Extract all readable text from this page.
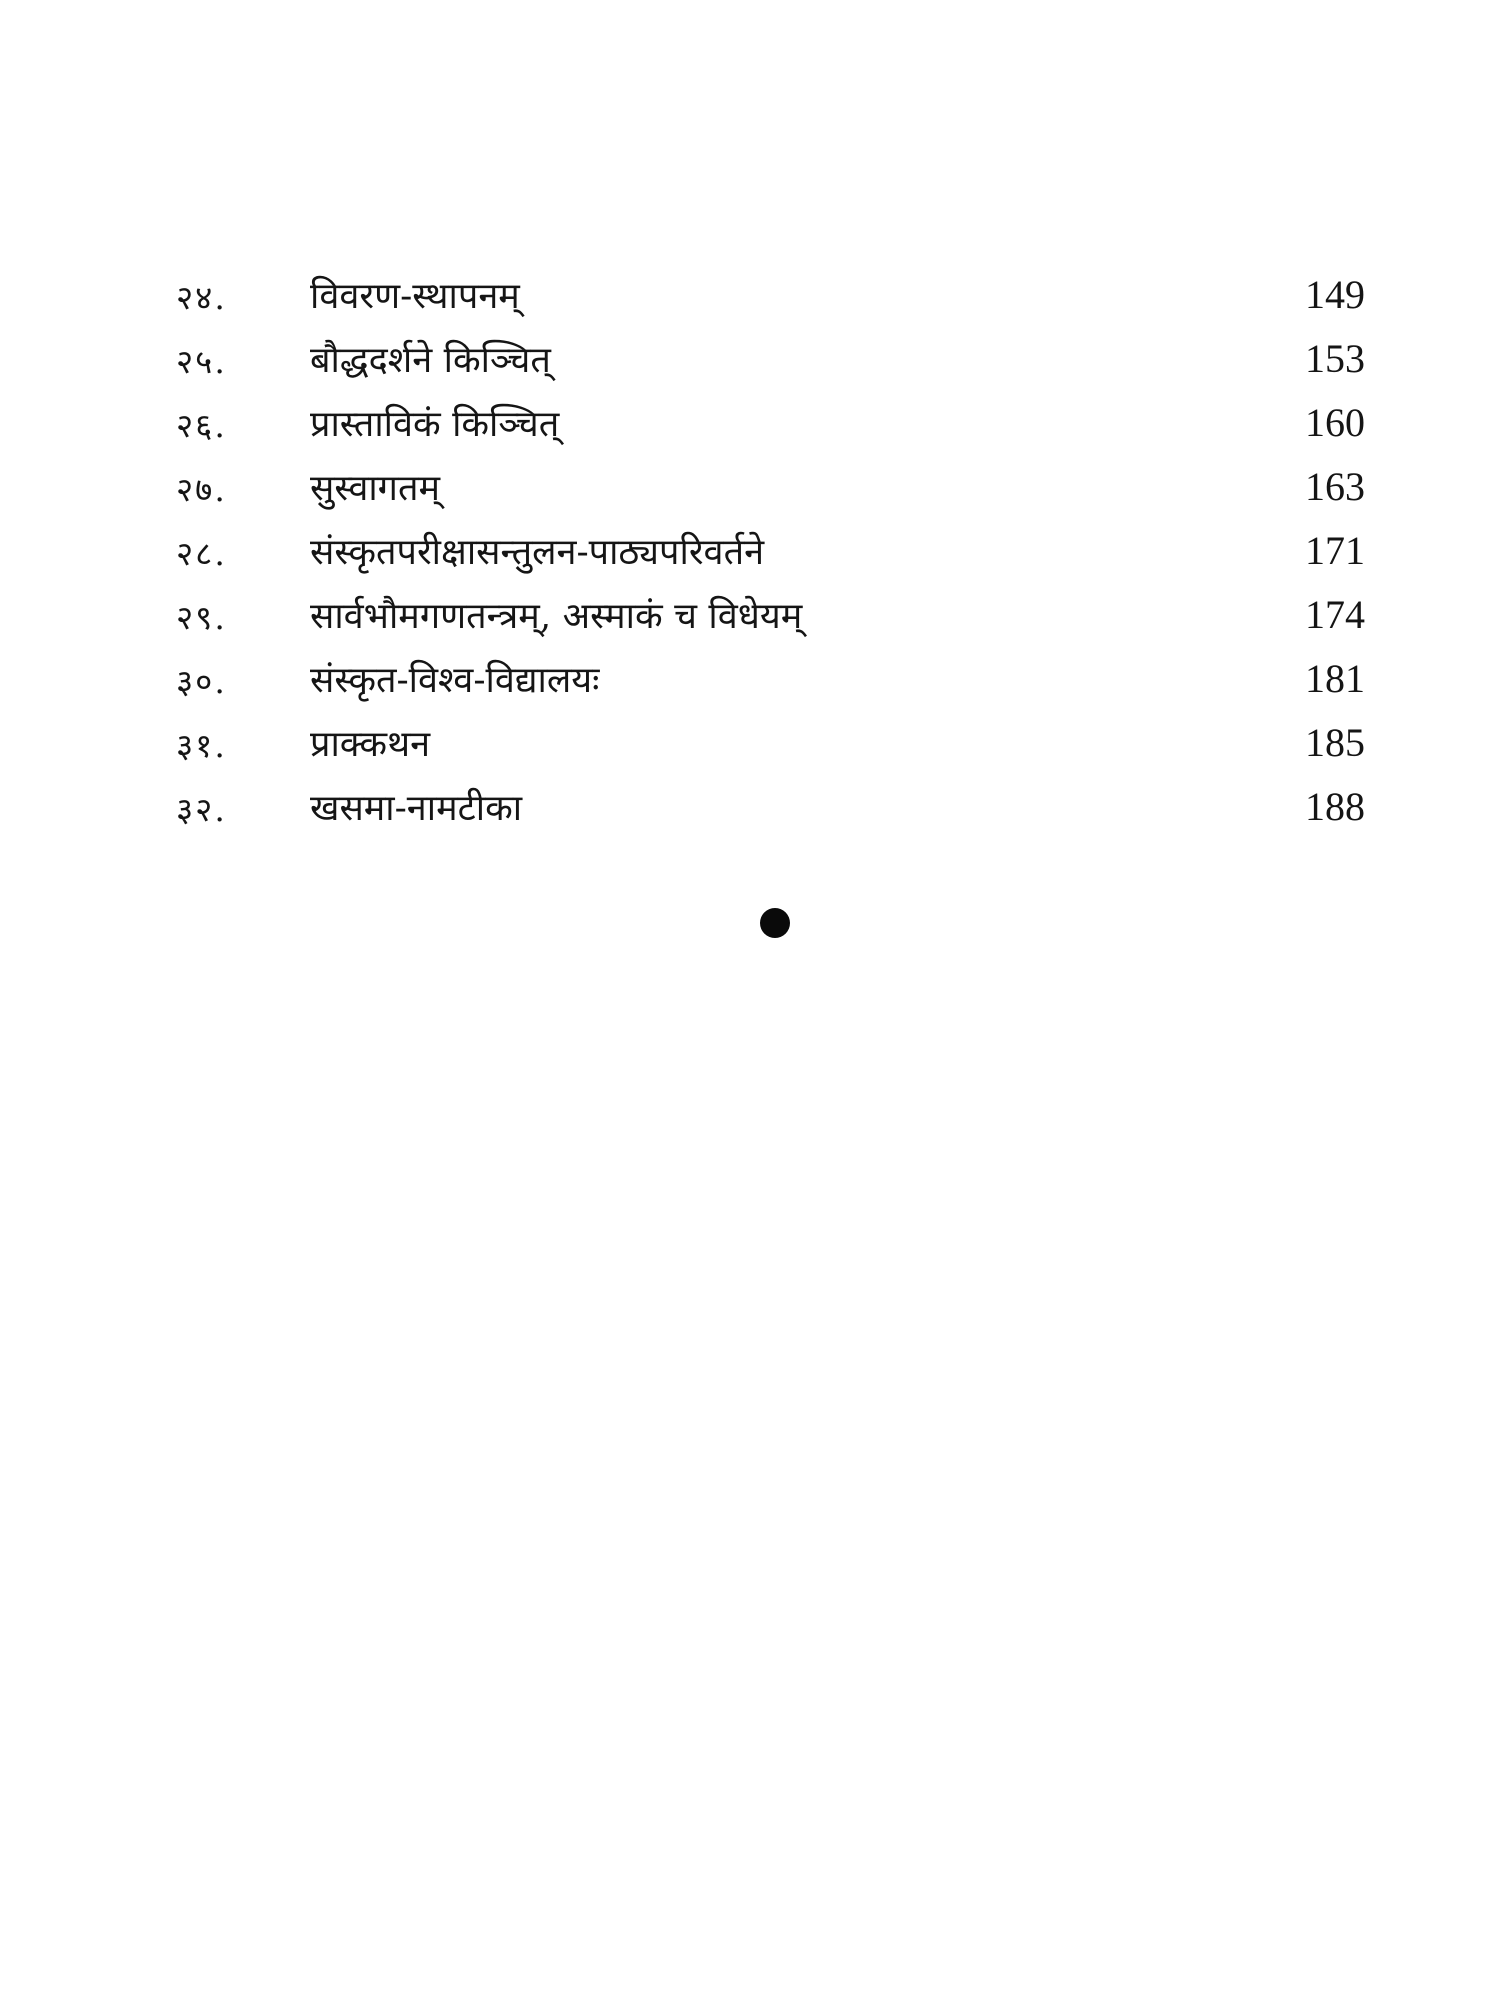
२४. विवरण-स्थापनम्	149
२५. बौद्धदर्शने किञ्चित्	153
२६. प्रास्ताविकं किञ्चित्	160
२७. सुस्वागतम्	163
२८. संस्कृतपरीक्षासन्तुलन-पाठ्यपरिवर्तने	171
२९. सार्वभौमगणतन्त्रम्, अस्माकं च विधेयम्	174
३०. संस्कृत-विश्व-विद्यालयः	181
३१. प्राक्कथन	185
३२. खसमा-नामटीका	188
